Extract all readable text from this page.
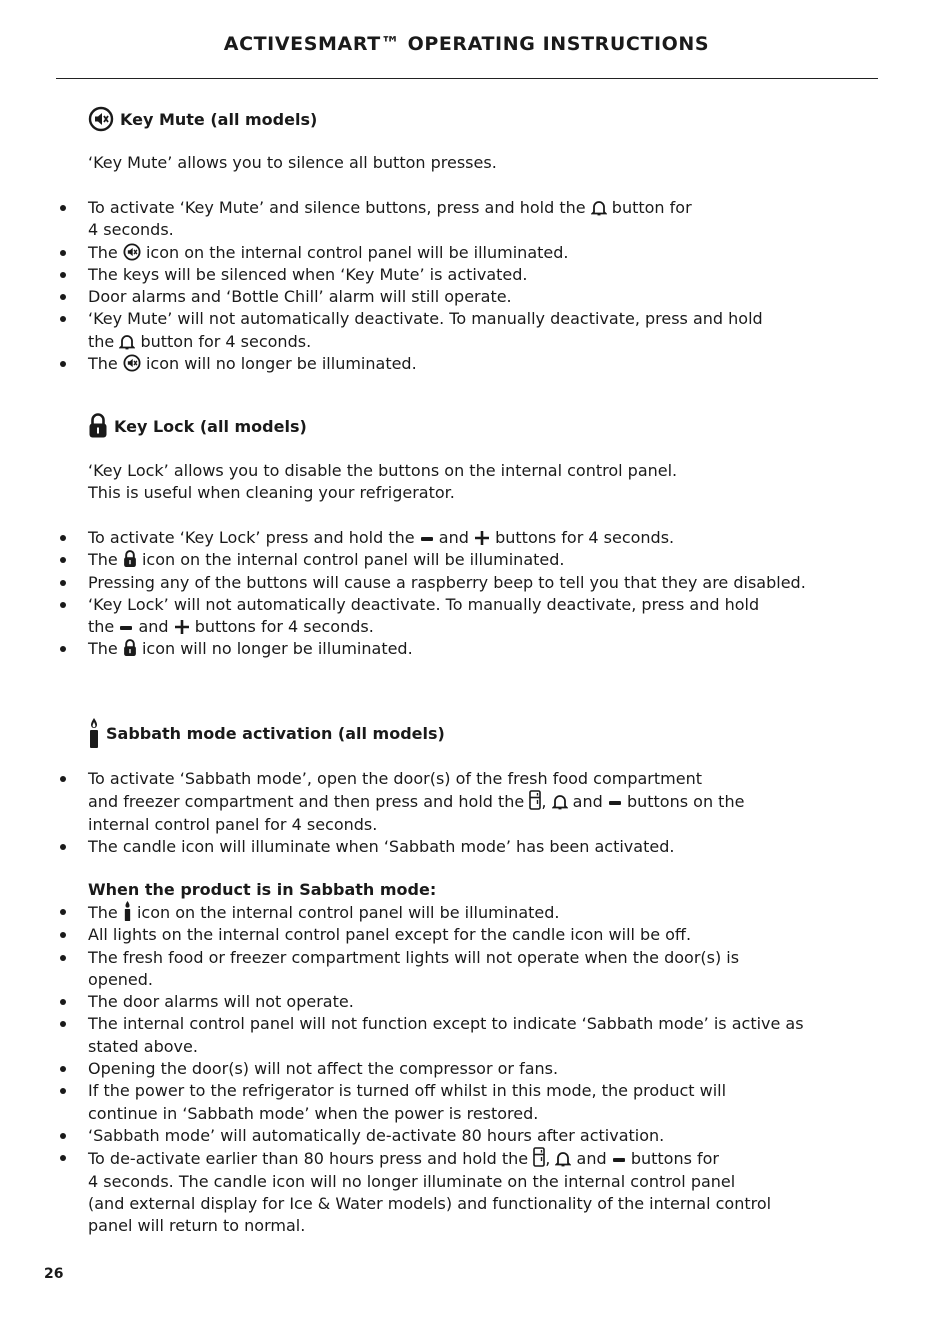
ACTIVESMART™ OPERATING INSTRUCTIONS
Key Mute (all models)

‘Key Mute’ allows you to silence all button presses.

To activate ‘Key Mute’ and silence buttons, press and hold the button for
4 seconds.
The icon on the internal control panel will be illuminated.
The keys will be silenced when ‘Key Mute’ is activated.
Door alarms and ‘Bottle Chill’ alarm will still operate.
‘Key Mute’ will not automatically deactivate. To manually deactivate, press and hold
the button for 4 seconds.
The icon will no longer be illuminated.
Key Lock (all models)

‘Key Lock’ allows you to disable the buttons on the internal control panel.
This is useful when cleaning your refrigerator.

To activate ‘Key Lock’ press and hold the and buttons for 4 seconds.
The icon on the internal control panel will be illuminated.
Pressing any of the buttons will cause a raspberry beep to tell you that they are disabled.
‘Key Lock’ will not automatically deactivate. To manually deactivate, press and hold
the and buttons for 4 seconds.
The icon will no longer be illuminated.
Sabbath mode activation (all models)
To activate ‘Sabbath mode’, open the door(s) of the fresh food compartment
and freezer compartment and then press and hold the , and buttons on the
internal control panel for 4 seconds.
The candle icon will illuminate when ‘Sabbath mode’ has been activated.
When the product is in Sabbath mode:
The icon on the internal control panel will be illuminated.
All lights on the internal control panel except for the candle icon will be off.
The fresh food or freezer compartment lights will not operate when the door(s) is opened.
The door alarms will not operate.
The internal control panel will not function except to indicate ‘Sabbath mode’ is active as stated above.
Opening the door(s) will not affect the compressor or fans.
If the power to the refrigerator is turned off whilst in this mode, the product will continue in ‘Sabbath mode’ when the power is restored.
‘Sabbath mode’ will automatically de-activate 80 hours after activation.
To de-activate earlier than 80 hours press and hold the , and buttons for
4 seconds. The candle icon will no longer illuminate on the internal control panel
(and external display for Ice & Water models) and functionality of the internal control
panel will return to normal.
26
